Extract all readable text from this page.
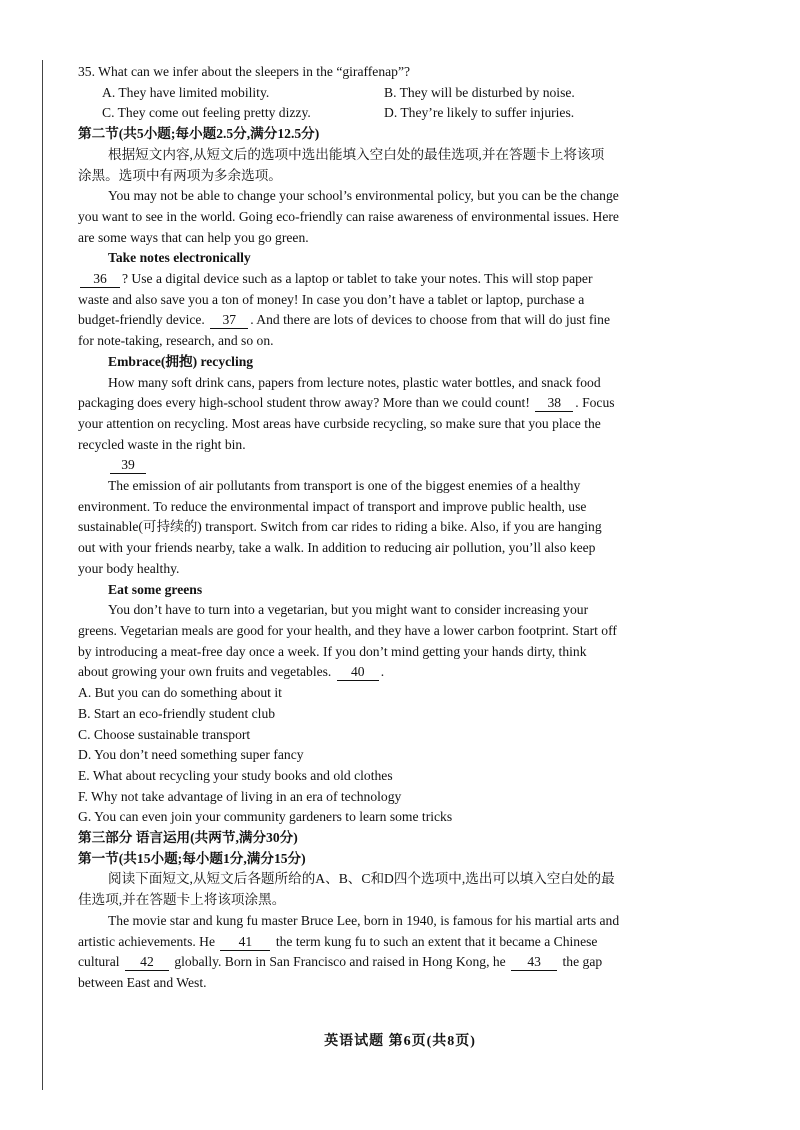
35. What can we infer about the sleepers in the “giraffenap”?
A. They have limited mobility.	B. They will be disturbed by noise.
C. They come out feeling pretty dizzy.	D. They’re likely to suffer injuries.
第二节(共5小题;每小题2.5分,满分12.5分)
根据短文内容,从短文后的选项中选出能填入空白处的最佳选项,并在答题卡上将该项
涂黑。选项中有两项为多余选项。
You may not be able to change your school’s environmental policy, but you can be the change
you want to see in the world. Going eco-friendly can raise awareness of environmental issues. Here
are some ways that can help you go green.
Take notes electronically
36 ? Use a digital device such as a laptop or tablet to take your notes. This will stop paper
waste and also save you a ton of money! In case you don’t have a tablet or laptop, purchase a
budget-friendly device. 37 . And there are lots of devices to choose from that will do just fine
for note-taking, research, and so on.
Embrace(拥抱) recycling
How many soft drink cans, papers from lecture notes, plastic water bottles, and snack food
packaging does every high-school student throw away? More than we could count! 38 . Focus
your attention on recycling. Most areas have curbside recycling, so make sure that you place the
recycled waste in the right bin.
39
The emission of air pollutants from transport is one of the biggest enemies of a healthy
environment. To reduce the environmental impact of transport and improve public health, use
sustainable(可持续的) transport. Switch from car rides to riding a bike. Also, if you are hanging
out with your friends nearby, take a walk. In addition to reducing air pollution, you’ll also keep
your body healthy.
Eat some greens
You don’t have to turn into a vegetarian, but you might want to consider increasing your
greens. Vegetarian meals are good for your health, and they have a lower carbon footprint. Start off
by introducing a meat-free day once a week. If you don’t mind getting your hands dirty, think
about growing your own fruits and vegetables. 40 .
A. But you can do something about it
B. Start an eco-friendly student club
C. Choose sustainable transport
D. You don’t need something super fancy
E. What about recycling your study books and old clothes
F. Why not take advantage of living in an era of technology
G. You can even join your community gardeners to learn some tricks
第三部分 语言运用(共两节,满分30分)
第一节(共15小题;每小题1分,满分15分)
阅读下面短文,从短文后各题所给的A、B、C和D四个选项中,选出可以填入空白处的最
佳选项,并在答题卡上将该项涂黑。
The movie star and kung fu master Bruce Lee, born in 1940, is famous for his martial arts and
artistic achievements. He 41 the term kung fu to such an extent that it became a Chinese
cultural 42 globally. Born in San Francisco and raised in Hong Kong, he 43 the gap
between East and West.
英语试题 第6页(共8页)
